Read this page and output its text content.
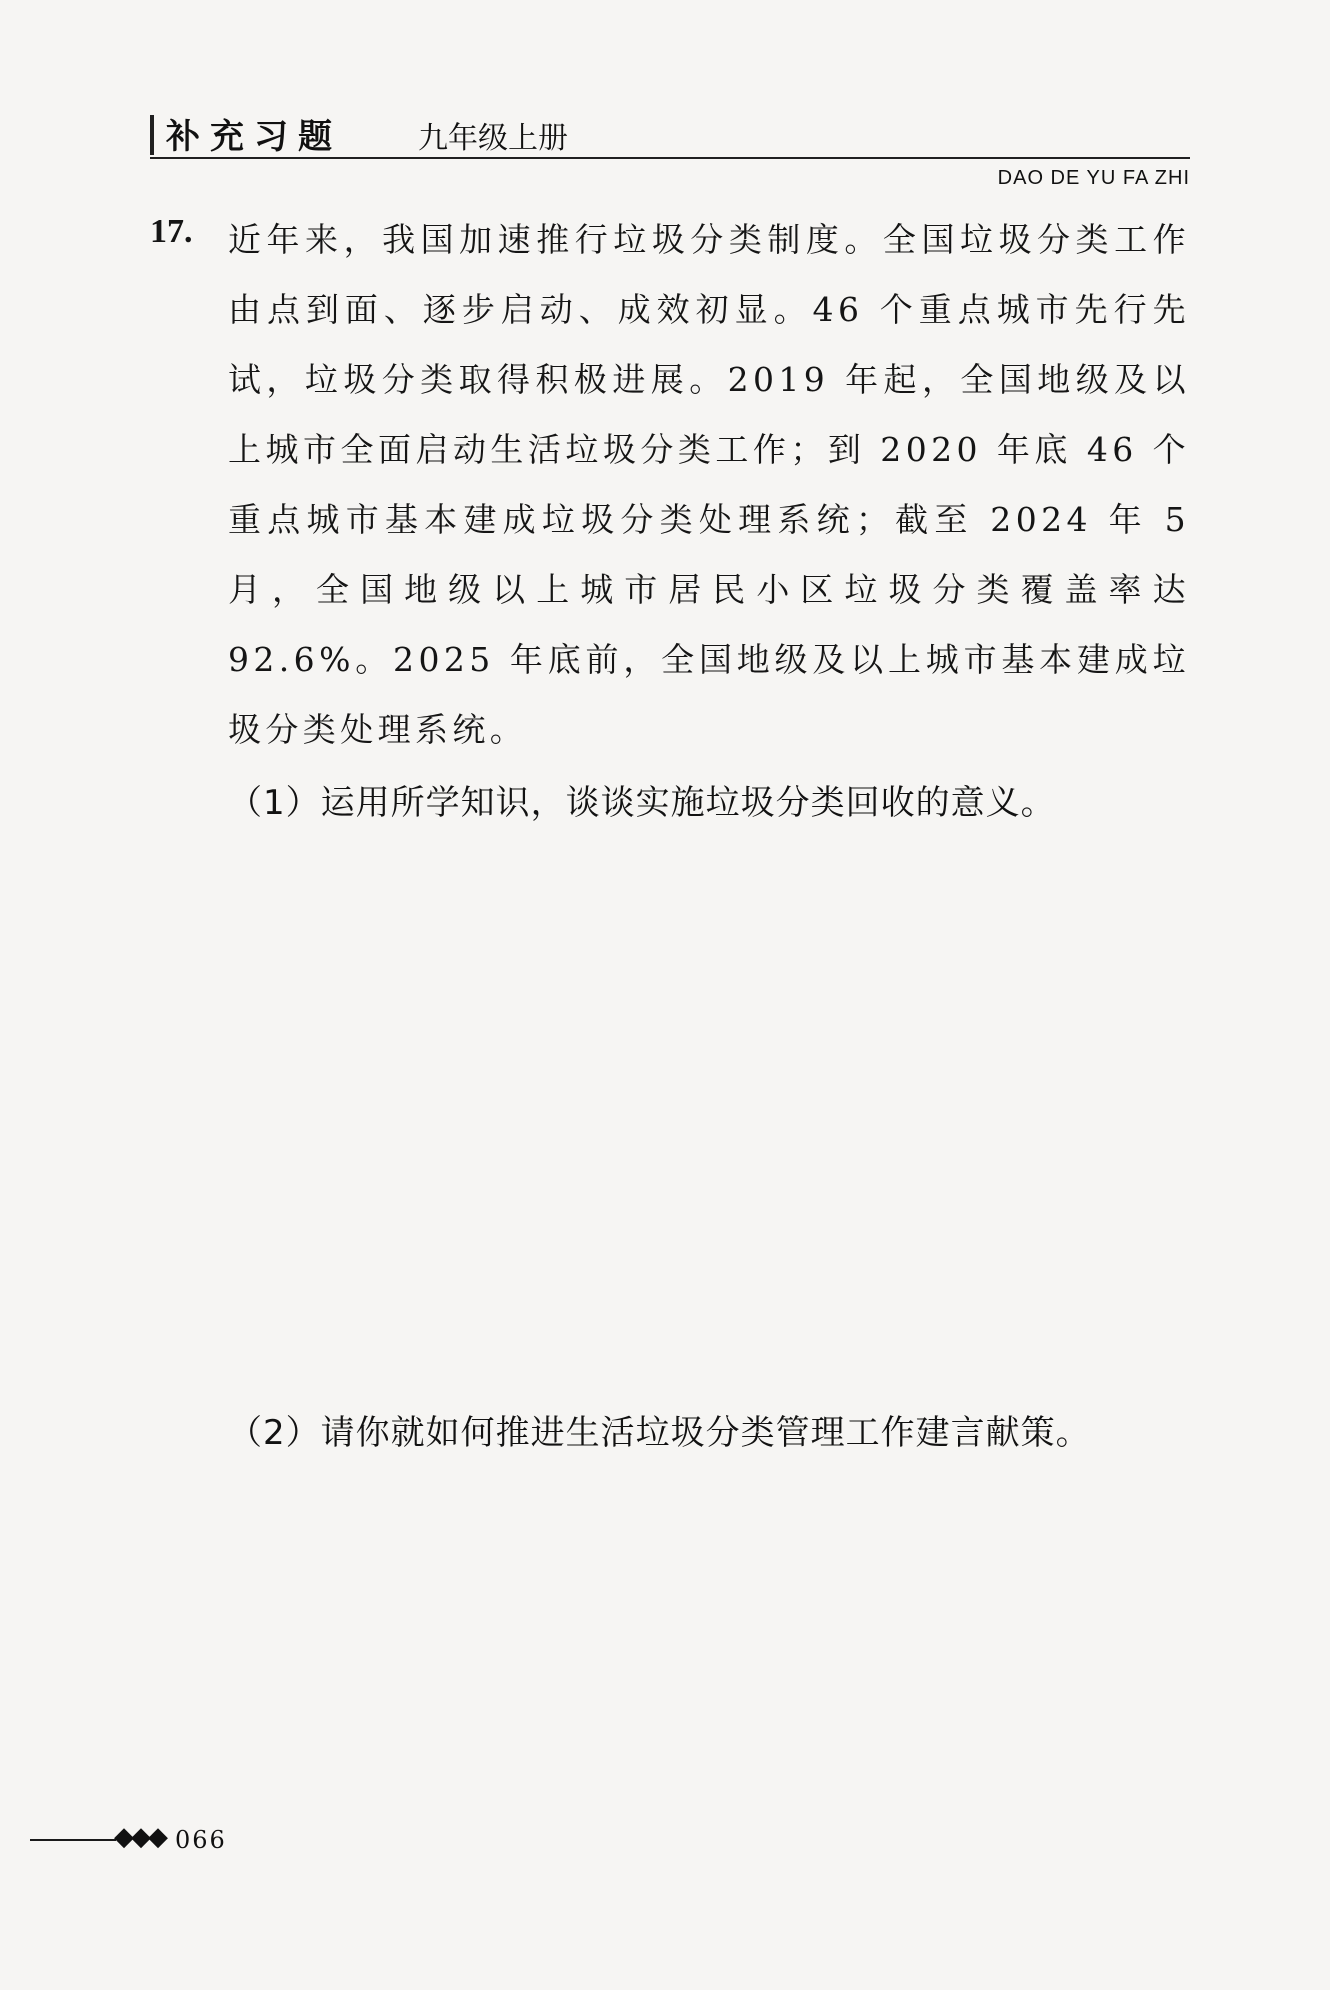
补充习题	九年级上册
DAO DE YU FA ZHI
17. 近年来，我国加速推行垃圾分类制度。全国垃圾分类工作由点到面、逐步启动、成效初显。46 个重点城市先行先试，垃圾分类取得积极进展。2019 年起，全国地级及以上城市全面启动生活垃圾分类工作；到 2020 年底 46 个重点城市基本建成垃圾分类处理系统；截至 2024 年 5 月，全国地级以上城市居民小区垃圾分类覆盖率达 92.6%。2025 年底前，全国地级及以上城市基本建成垃圾分类处理系统。
（1）运用所学知识，谈谈实施垃圾分类回收的意义。
（2）请你就如何推进生活垃圾分类管理工作建言献策。
◆◆◆ 066
